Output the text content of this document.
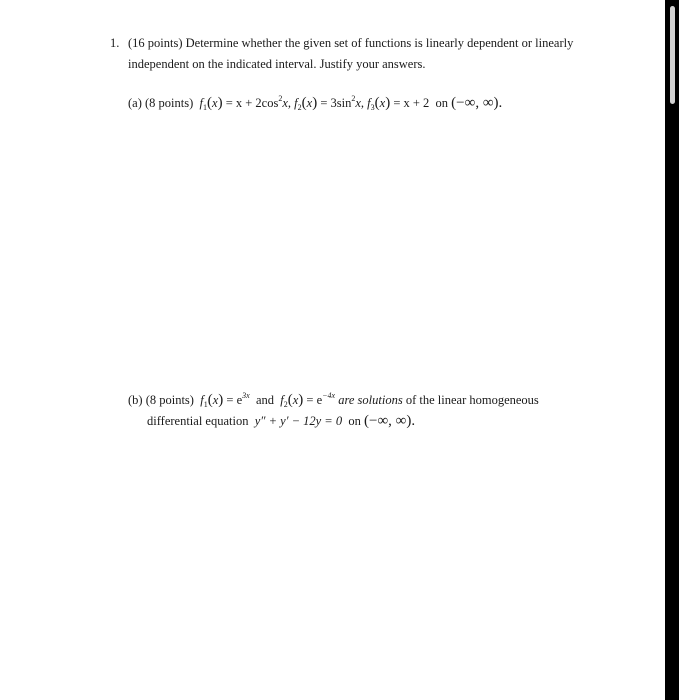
1. (16 points) Determine whether the given set of functions is linearly dependent or linearly
independent on the indicated interval. Justify your answers.
(a) (8 points) $f_1(x) = x + 2\cos^2x$, $f_2(x) = 3\sin^2x$, $f_3(x) = x + 2$ on (−∞, ∞).
(b) (8 points) $f_1(x) = e^{3x}$ and $f_2(x) = e^{-4x}$ are solutions of the linear homogeneous
differential equation y″ + y′ − 12y = 0 on (−∞, ∞).
